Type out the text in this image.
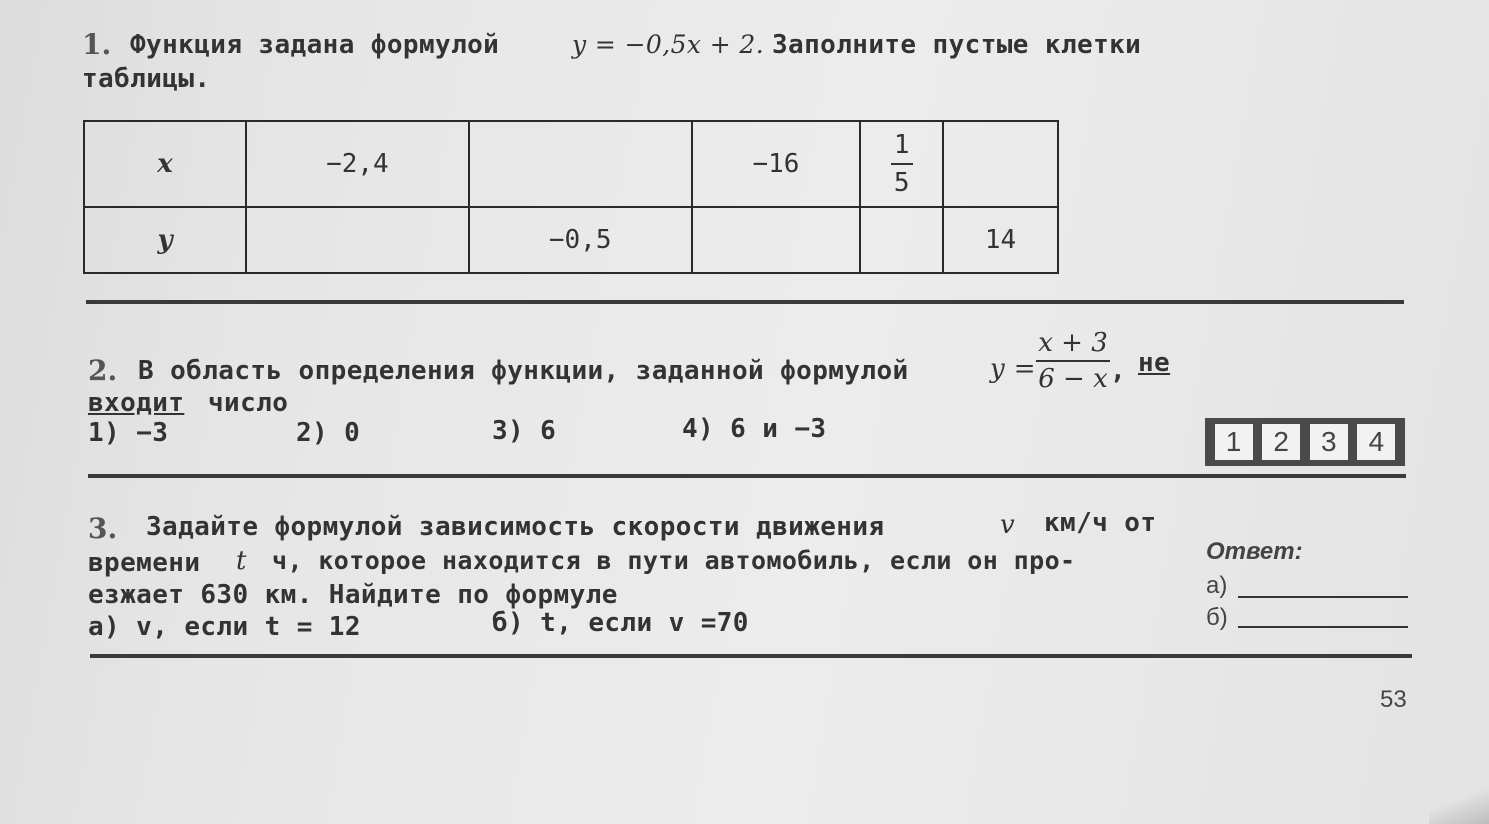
1. Функция задана формулой	y = −0,5x + 2. Заполните пустые клетки
таблицы.
x	−2,4		−16	$\frac{1}{5}$	
y		−0,5			14
2. В область определения функции, заданной формулой	y =
x + 3
6 − x , не
входит число
1) −3	2) 0	3) 6	4) 6 и −3	1	2	3	4
3. Задайте формулой зависимость скорости движения	v км/ч от
времени t ч, которое находится в пути автомобиль, если он про-
езжает 630 км. Найдите по формуле
а) v, если t = 12	б) t, если v =70
Ответ:
а)
б)
53
